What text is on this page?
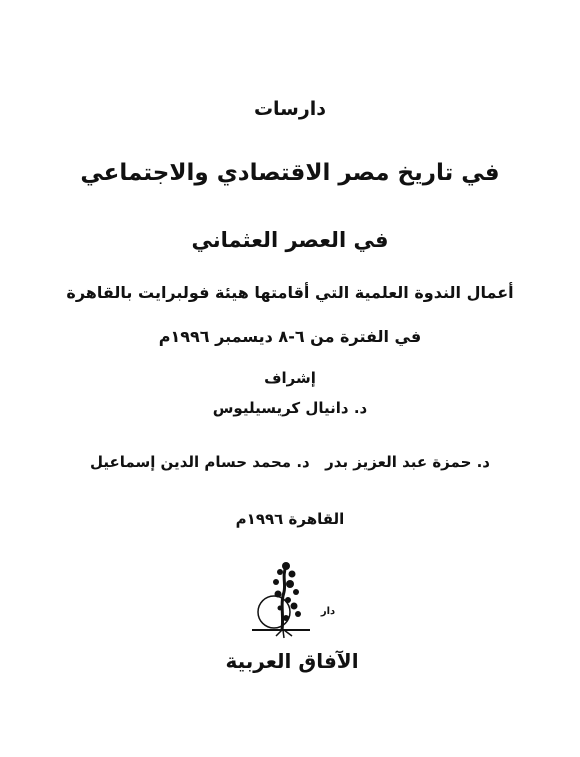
دارسات
في تاريخ مصر الاقتصادي والاجتماعي
في العصر العثماني
أعمال الندوة العلمية التي أقامتها هيئة فولبرايت بالقاهرة
في الفترة من ٦-٨ ديسمبر ١٩٩٦م
إشراف
د. دانيال كريسيليوس
د. حمزة عبد العزيز بدر
د. محمد حسام الدين إسماعيل
القاهرة ١٩٩٦م
دار
الآفاق العربية
